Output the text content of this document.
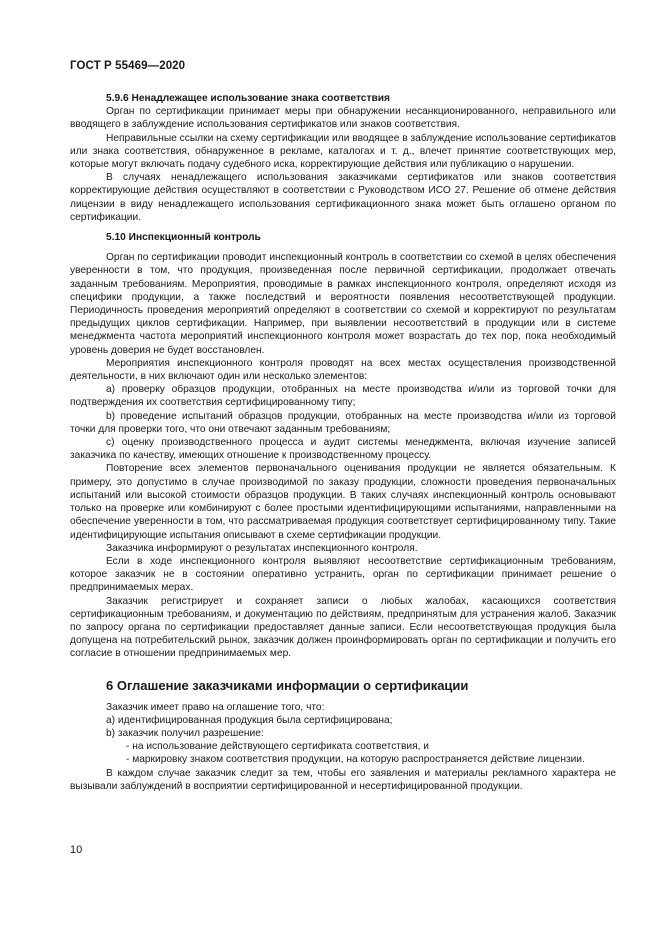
ГОСТ Р 55469—2020

5.9.6 Ненадлежащее использование знака соответствия

Орган по сертификации принимает меры при обнаружении несанкционированного, неправильного или вводящего в заблуждение использования сертификатов или знаков соответствия.

Неправильные ссылки на схему сертификации или вводящее в заблуждение использование сертификатов или знака соответствия, обнаруженное в рекламе, каталогах и т. д., влечет принятие соответствующих мер, которые могут включать подачу судебного иска, корректирующие действия или публикацию о нарушении.

В случаях ненадлежащего использования заказчиками сертификатов или знаков соответствия корректирующие действия осуществляют в соответствии с Руководством ИСО 27. Решение об отмене действия лицензии в виду ненадлежащего использования сертификационного знака может быть оглашено органом по сертификации.

5.10 Инспекционный контроль

Орган по сертификации проводит инспекционный контроль в соответствии со схемой в целях обеспечения уверенности в том, что продукция, произведенная после первичной сертификации, продолжает отвечать заданным требованиям. Мероприятия, проводимые в рамках инспекционного контроля, определяют исходя из специфики продукции, а также последствий и вероятности появления несоответствующей продукции. Периодичность проведения мероприятий определяют в соответствии со схемой и корректируют по результатам предыдущих циклов сертификации. Например, при выявлении несоответствий в продукции или в системе менеджмента частота мероприятий инспекционного контроля может возрастать до тех пор, пока необходимый уровень доверия не будет восстановлен.

Мероприятия инспекционного контроля проводят на всех местах осуществления производственной деятельности, в них включают один или несколько элементов:

а) проверку образцов продукции, отобранных на месте производства и/или из торговой точки для подтверждения их соответствия сертифицированному типу;

b) проведение испытаний образцов продукции, отобранных на месте производства и/или из торговой точки для проверки того, что они отвечают заданным требованиям;

с) оценку производственного процесса и аудит системы менеджмента, включая изучение записей заказчика по качеству, имеющих отношение к производственному процессу.

Повторение всех элементов первоначального оценивания продукции не является обязательным. К примеру, это допустимо в случае производимой по заказу продукции, сложности проведения первоначальных испытаний или высокой стоимости образцов продукции. В таких случаях инспекционный контроль основывают только на проверке или комбинируют с более простыми идентифицирующими испытаниями, направленными на обеспечение уверенности в том, что рассматриваемая продукция соответствует сертифицированному типу. Такие идентифицирующие испытания описывают в схеме сертификации продукции.

Заказчика информируют о результатах инспекционного контроля.

Если в ходе инспекционного контроля выявляют несоответствие сертификационным требованиям, которое заказчик не в состоянии оперативно устранить, орган по сертификации принимает решение о предпринимаемых мерах.

Заказчик регистрирует и сохраняет записи о любых жалобах, касающихся соответствия сертификационным требованиям, и документацию по действиям, предпринятым для устранения жалоб. Заказчик по запросу органа по сертификации предоставляет данные записи. Если несоответствующая продукция была допущена на потребительский рынок, заказчик должен проинформировать орган по сертификации и получить его согласие в отношении предпринимаемых мер.

6 Оглашение заказчиками информации о сертификации

Заказчик имеет право на оглашение того, что:

а) идентифицированная продукция была сертифицирована;

b) заказчик получил разрешение:

- на использование действующего сертификата соответствия, и

- маркировку знаком соответствия продукции, на которую распространяется действие лицензии.

В каждом случае заказчик следит за тем, чтобы его заявления и материалы рекламного характера не вызывали заблуждений в восприятии сертифицированной и несертифицированной продукции.

10
